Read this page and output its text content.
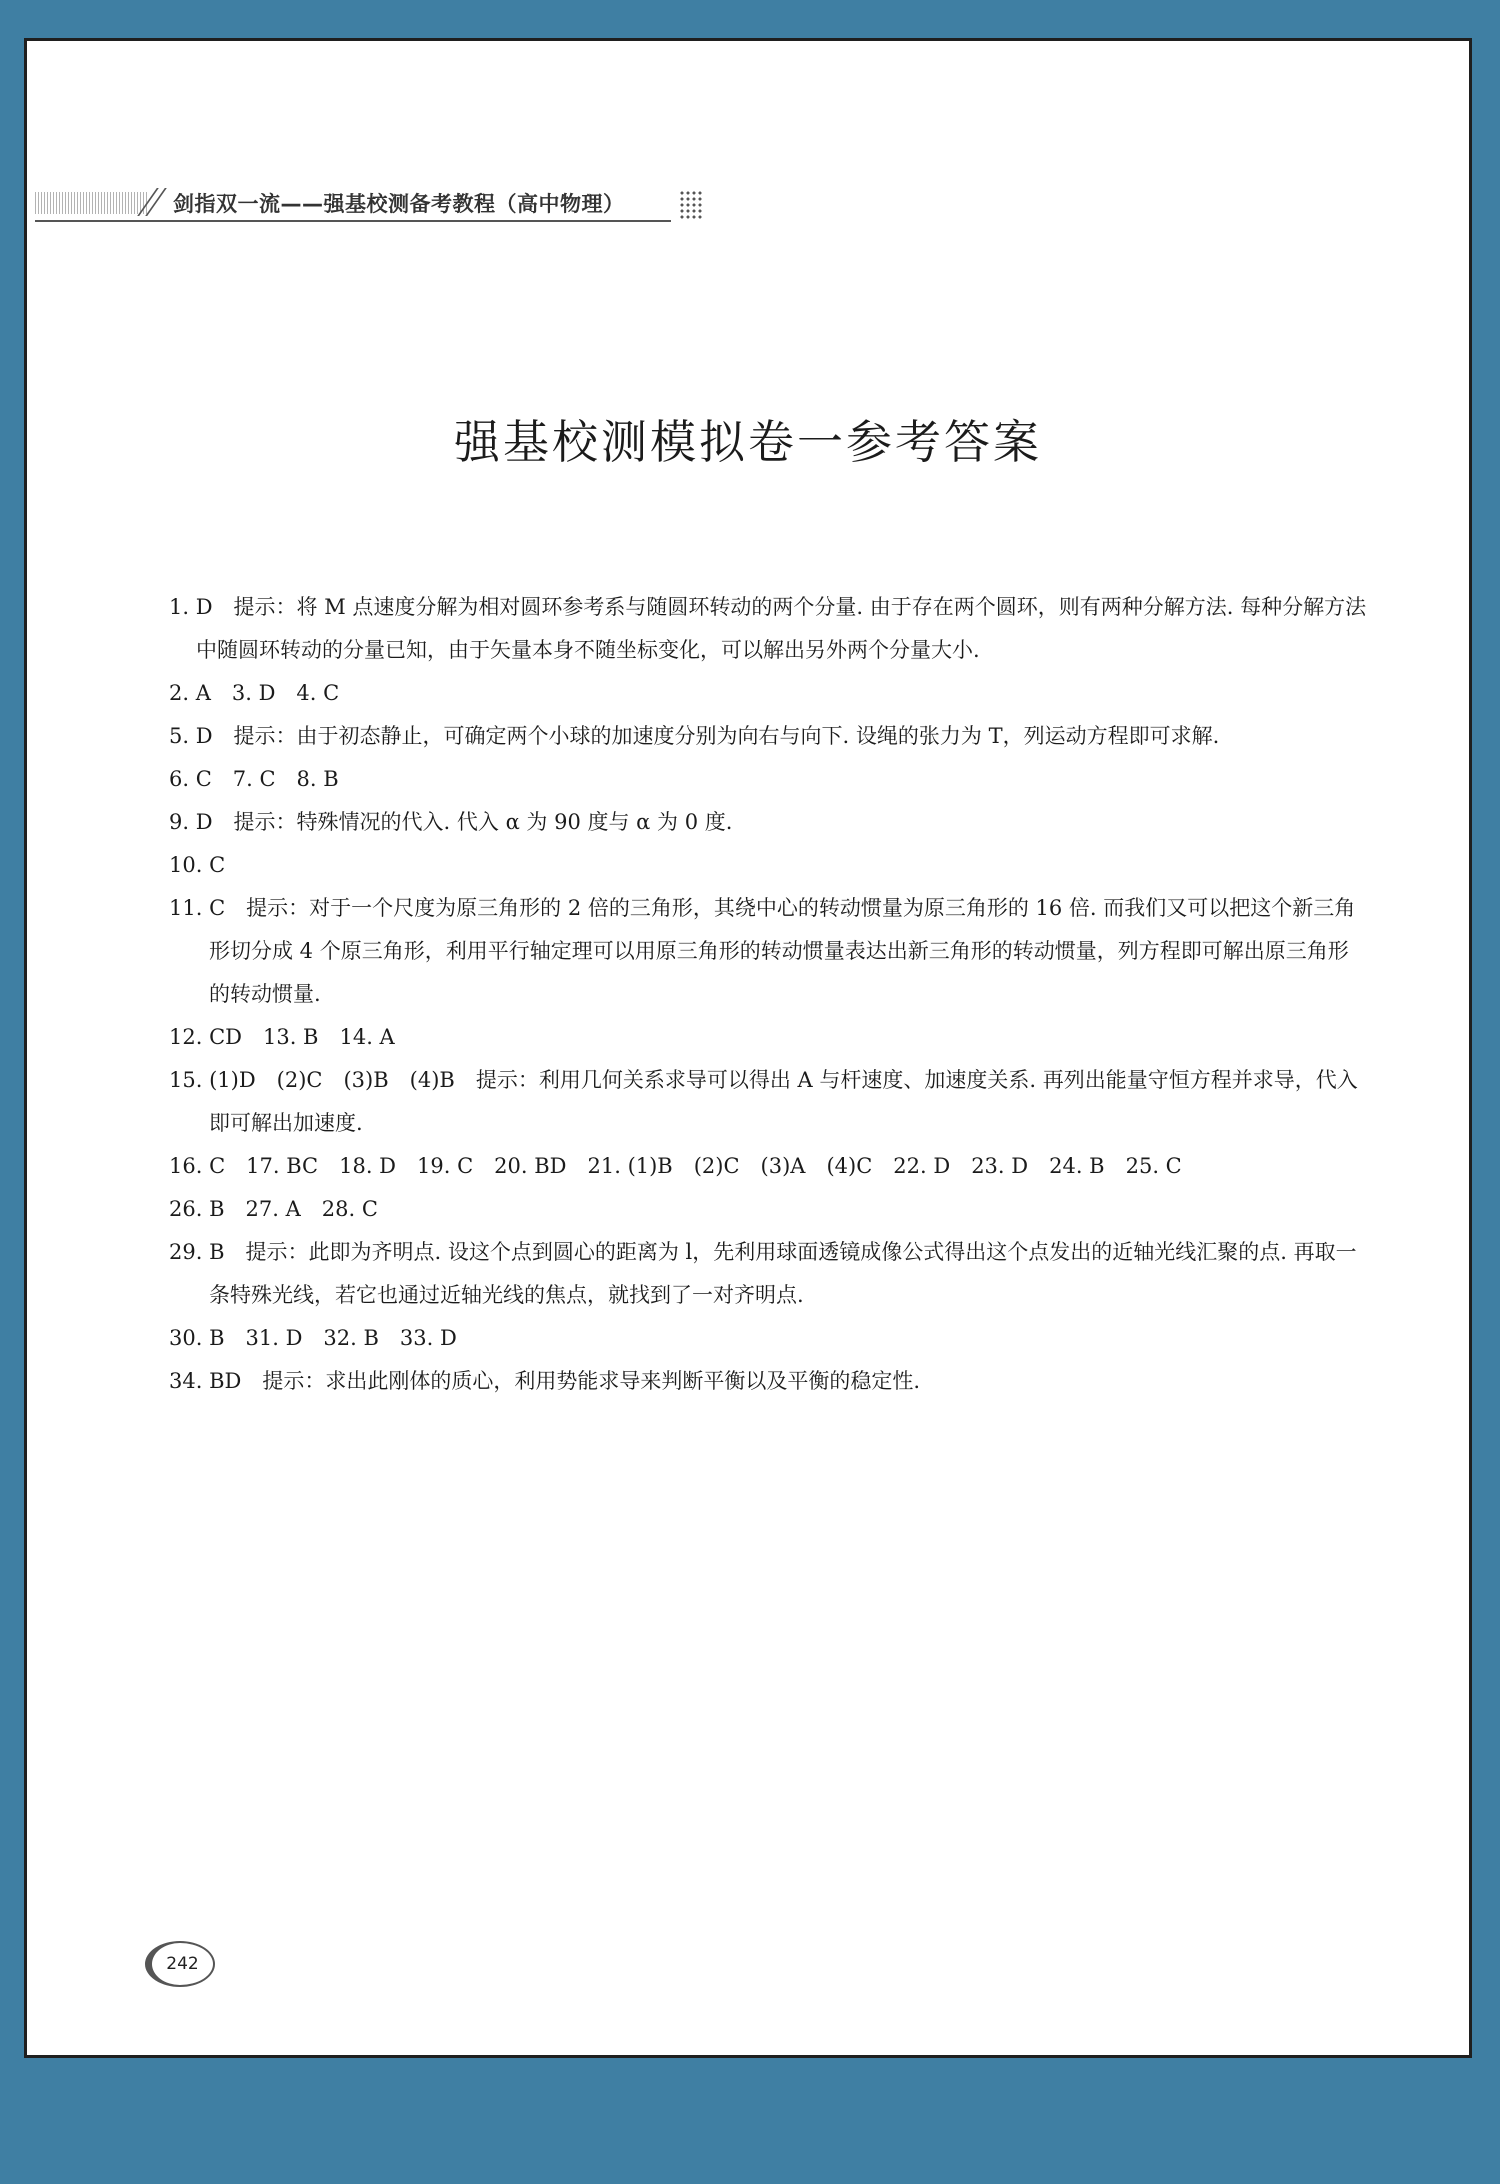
剑指双一流——强基校测备考教程（高中物理）
强基校测模拟卷一参考答案
1. D　提示：将 M 点速度分解为相对圆环参考系与随圆环转动的两个分量. 由于存在两个圆环，则有两种分解方法. 每种分解方法中随圆环转动的分量已知，由于矢量本身不随坐标变化，可以解出另外两个分量大小.
2. A　3. D　4. C
5. D　提示：由于初态静止，可确定两个小球的加速度分别为向右与向下. 设绳的张力为 T，列运动方程即可求解.
6. C　7. C　8. B
9. D　提示：特殊情况的代入. 代入 α 为 90 度与 α 为 0 度.
10. C
11. C　提示：对于一个尺度为原三角形的 2 倍的三角形，其绕中心的转动惯量为原三角形的 16 倍. 而我们又可以把这个新三角形切分成 4 个原三角形，利用平行轴定理可以用原三角形的转动惯量表达出新三角形的转动惯量，列方程即可解出原三角形的转动惯量.
12. CD　13. B　14. A
15. (1)D　(2)C　(3)B　(4)B　提示：利用几何关系求导可以得出 A 与杆速度、加速度关系. 再列出能量守恒方程并求导，代入即可解出加速度.
16. C　17. BC　18. D　19. C　20. BD　21. (1)B　(2)C　(3)A　(4)C　22. D　23. D　24. B　25. C
26. B　27. A　28. C
29. B　提示：此即为齐明点. 设这个点到圆心的距离为 l，先利用球面透镜成像公式得出这个点发出的近轴光线汇聚的点. 再取一条特殊光线，若它也通过近轴光线的焦点，就找到了一对齐明点.
30. B　31. D　32. B　33. D
34. BD　提示：求出此刚体的质心，利用势能求导来判断平衡以及平衡的稳定性.
242
